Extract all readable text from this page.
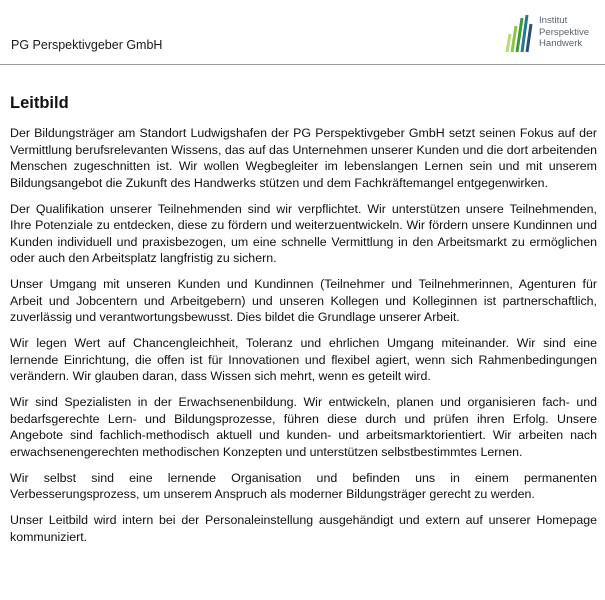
PG Perspektivgeber GmbH
Institut
Perspektive
Handwerk
Leitbild

Der Bildungsträger am Standort Ludwigshafen der PG Perspektivgeber GmbH setzt seinen Fokus auf der Vermittlung berufsrelevanten Wissens, das auf das Unternehmen unserer Kunden und die dort arbeitenden Menschen zugeschnitten ist. Wir wollen Wegbegleiter im lebenslangen Lernen sein und mit unserem Bildungsangebot die Zukunft des Handwerks stützen und dem Fachkräftemangel entgegenwirken.

Der Qualifikation unserer Teilnehmenden sind wir verpflichtet. Wir unterstützen unsere Teilnehmenden, Ihre Potenziale zu entdecken, diese zu fördern und weiterzuentwickeln. Wir fördern unsere Kundinnen und Kunden individuell und praxisbezogen, um eine schnelle Vermittlung in den Arbeitsmarkt zu ermöglichen oder auch den Arbeitsplatz langfristig zu sichern.

Unser Umgang mit unseren Kunden und Kundinnen (Teilnehmer und Teilnehmerinnen, Agenturen für Arbeit und Jobcentern und Arbeitgebern) und unseren Kollegen und Kolleginnen ist partnerschaftlich, zuverlässig und verantwortungsbewusst. Dies bildet die Grundlage unserer Arbeit.

Wir legen Wert auf Chancengleichheit, Toleranz und ehrlichen Umgang miteinander. Wir sind eine lernende Einrichtung, die offen ist für Innovationen und flexibel agiert, wenn sich Rahmenbedingungen verändern. Wir glauben daran, dass Wissen sich mehrt, wenn es geteilt wird.

Wir sind Spezialisten in der Erwachsenenbildung. Wir entwickeln, planen und organisieren fach- und bedarfsgerechte Lern- und Bildungsprozesse, führen diese durch und prüfen ihren Erfolg. Unsere Angebote sind fachlich-methodisch aktuell und kunden- und arbeitsmarktorientiert. Wir arbeiten nach erwachsenengerechten methodischen Konzepten und unterstützen selbstbestimmtes Lernen.

Wir selbst sind eine lernende Organisation und befinden uns in einem permanenten Verbesserungsprozess, um unserem Anspruch als moderner Bildungsträger gerecht zu werden.

Unser Leitbild wird intern bei der Personaleinstellung ausgehändigt und extern auf unserer Homepage kommuniziert.
